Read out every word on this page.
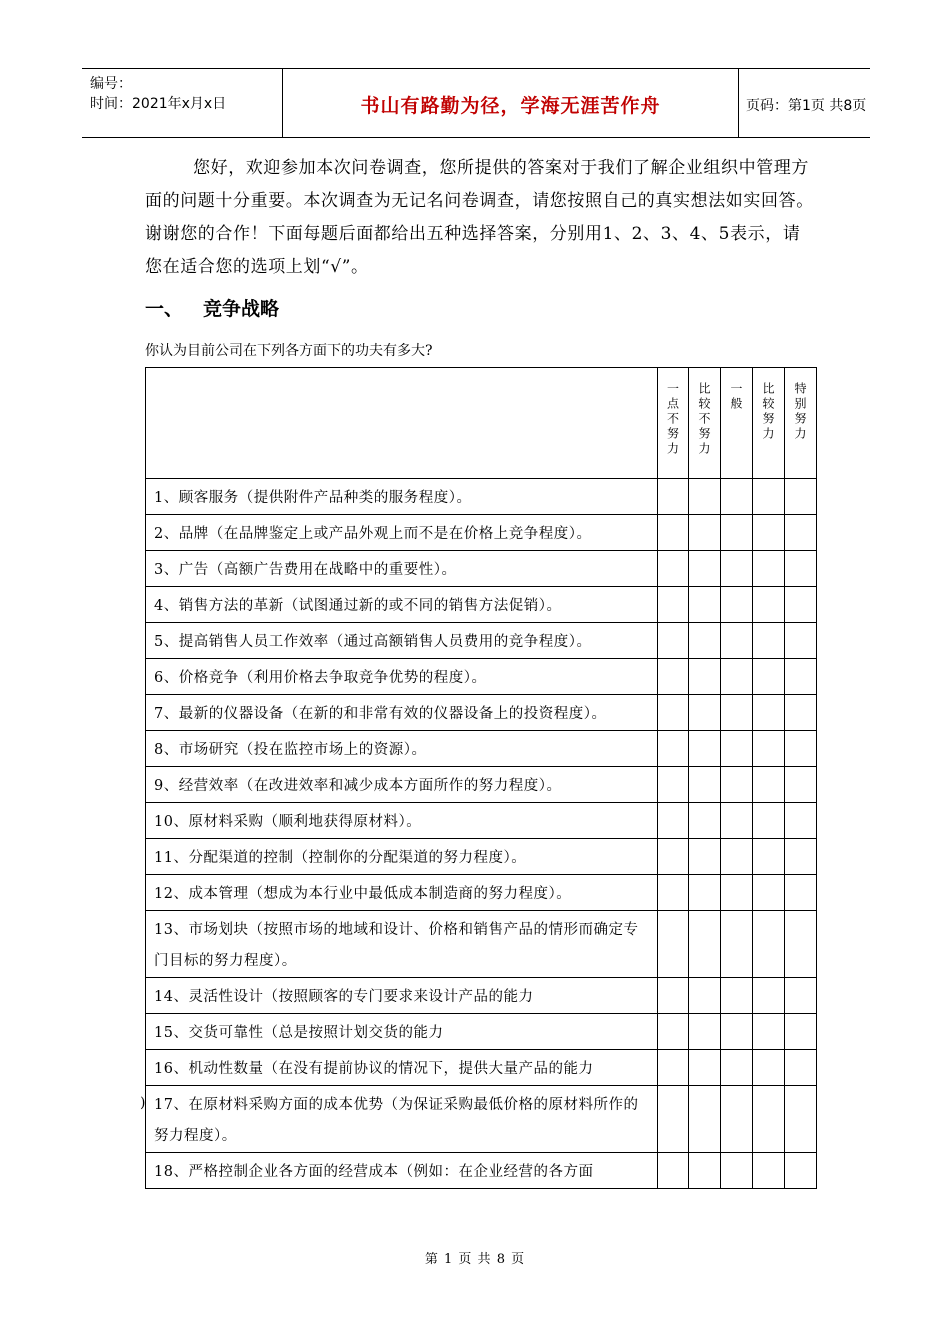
编号：
时间：2021年x月x日	书山有路勤为径，学海无涯苦作舟	页码：第1页 共8页

您好，欢迎参加本次问卷调查，您所提供的答案对于我们了解企业组织中管理方面的问题十分重要。本次调查为无记名问卷调查，请您按照自己的真实想法如实回答。谢谢您的合作！下面每题后面都给出五种选择答案，分别用1、2、3、4、5表示，请您在适合您的选项上划“√”。

一、 竞争战略
你认为目前公司在下列各方面下的功夫有多大?

	一点不努力	比较不努力	一般	比较努力	特别努力

1、顾客服务（提供附件产品种类的服务程度）。					
2、品牌（在品牌鉴定上或产品外观上而不是在价格上竞争程度）。					
3、广告（高额广告费用在战略中的重要性）。					
4、销售方法的革新（试图通过新的或不同的销售方法促销）。					
5、提高销售人员工作效率（通过高额销售人员费用的竞争程度）。					
6、价格竞争（利用价格去争取竞争优势的程度）。					
7、最新的仪器设备（在新的和非常有效的仪器设备上的投资程度）。					
8、市场研究（投在监控市场上的资源）。					
9、经营效率（在改进效率和减少成本方面所作的努力程度）。					
10、原材料采购（顺利地获得原材料）。					
11、分配渠道的控制（控制你的分配渠道的努力程度）。					
12、成本管理（想成为本行业中最低成本制造商的努力程度）。					
13、市场划块（按照市场的地域和设计、价格和销售产品的情形而确定专门目标的努力程度）。					
14、灵活性设计（按照顾客的专门要求来设计产品的能力					
15、交货可靠性（总是按照计划交货的能力					
16、机动性数量（在没有提前协议的情况下，提供大量产品的能力					
17、在原材料采购方面的成本优势（为保证采购最低价格的原材料所作的努力程度）。					
18、严格控制企业各方面的经营成本（例如：在企业经营的各方面					
)
第 1 页 共 8 页
